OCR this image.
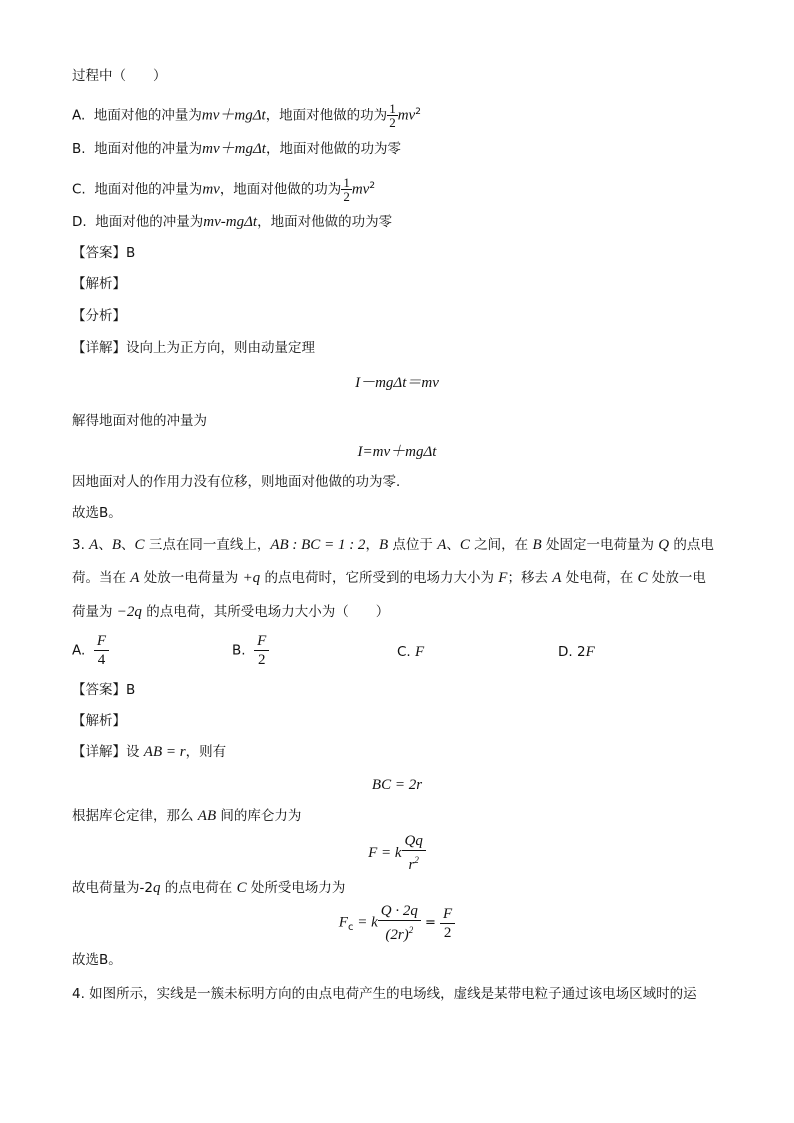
过程中（　　）
A. 地面对他的冲量为mv＋mgΔt，地面对他做的功为 $\frac{1}{2} mv^2$
B. 地面对他的冲量为mv＋mgΔt，地面对他做的功为零
C. 地面对他的冲量为mv，地面对他做的功为 $\frac{1}{2} mv^2$
D. 地面对他的冲量为mv-mgΔt，地面对他做的功为零
【答案】B
【解析】
【分析】
【详解】设向上为正方向，则由动量定理
I－mgΔt＝mv
解得地面对他的冲量为
I=mv＋mgΔt
因地面对人的作用力没有位移，则地面对他做的功为零．
故选B。
3. A、B、C 三点在同一直线上，AB : BC = 1 : 2，B 点位于 A、C 之间，在 B 处固定一电荷量为 Q 的点电
荷。当在 A 处放一电荷量为 +q 的点电荷时，它所受到的电场力大小为 F；移去 A 处电荷，在 C 处放一电
荷量为 −2q 的点电荷，其所受电场力大小为（　　）
A. $\frac{F}{4}$	B. $\frac{F}{2}$	C. F	D. 2F
【答案】B
【解析】
【详解】设 AB = r，则有
BC = 2r
根据库仑定律，那么 AB 间的库仑力为
F = k $\frac{Qq}{r^2}$
故电荷量为-2q 的点电荷在 C 处所受电场力为
$F_c = k \frac{Q \cdot 2q}{(2r)^2} = \frac{F}{2}$
故选B。
4. 如图所示，实线是一簇未标明方向的由点电荷产生的电场线，虚线是某带电粒子通过该电场区域时的运
